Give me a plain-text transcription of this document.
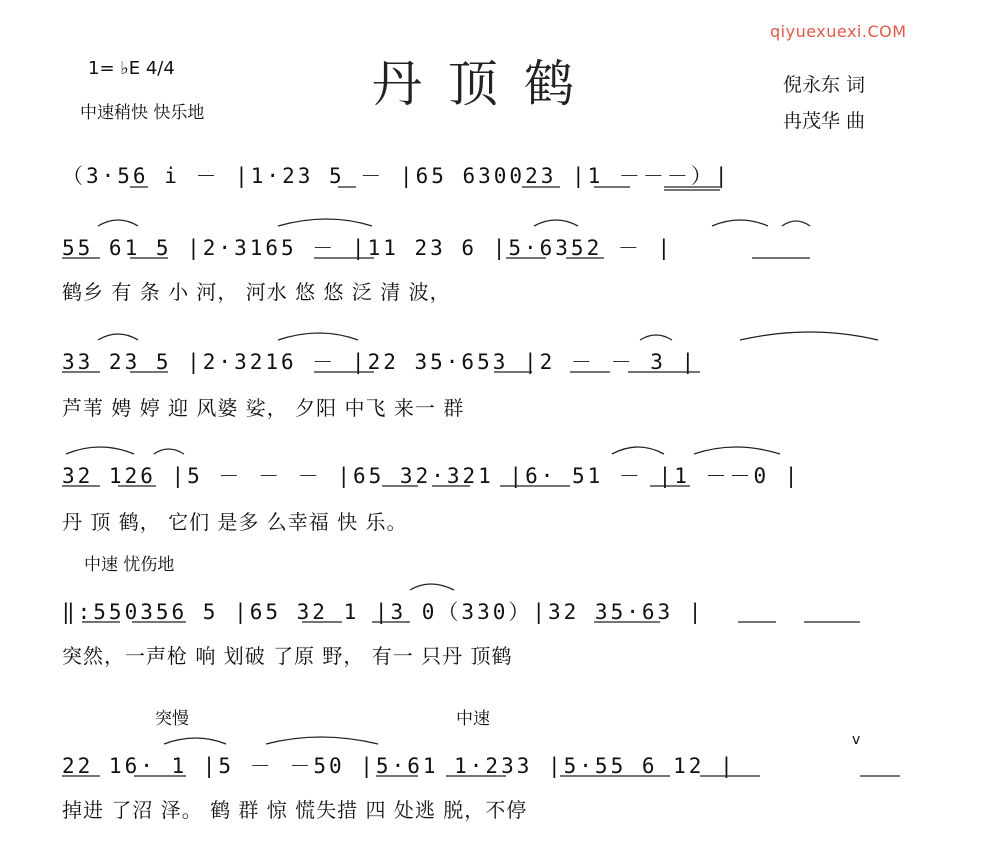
qiyuexuexi.COM
1= ♭E 4/4
中速稍快 快乐地	丹顶鹤	倪永东 词
冉茂华 曲
（3·56 i － |1·23 5 － |65 630023 |1 －－－）|
55 61 5 |2·3165 － |11 23 6 |5·6352 － |
鹤乡 有 条 小 河， 河水 悠 悠 泛 清 波，
33 23 5 |2·3216 － |22 35·653 |2 － － 3 |
芦苇 娉 婷 迎 风婆 娑， 夕阳 中飞 来一 群
32 126 |5 － － － |65 32·321 |6· 51 － |1 －－0 |
丹 顶 鹤， 它们 是多 么幸福 快 乐。
中速 忧伤地
‖:550356 5 |65 32 1 |3 0（330）|32 35·63 |
突然，一声枪 响 划破 了原 野， 有一 只丹 顶鹤
突慢	中速
v
22 16· 1 |5 － －50 |5·61 1·233 |5·55 6 12 |
掉进 了沼 泽。 鹤 群 惊 慌失措 四 处逃 脱，不停
